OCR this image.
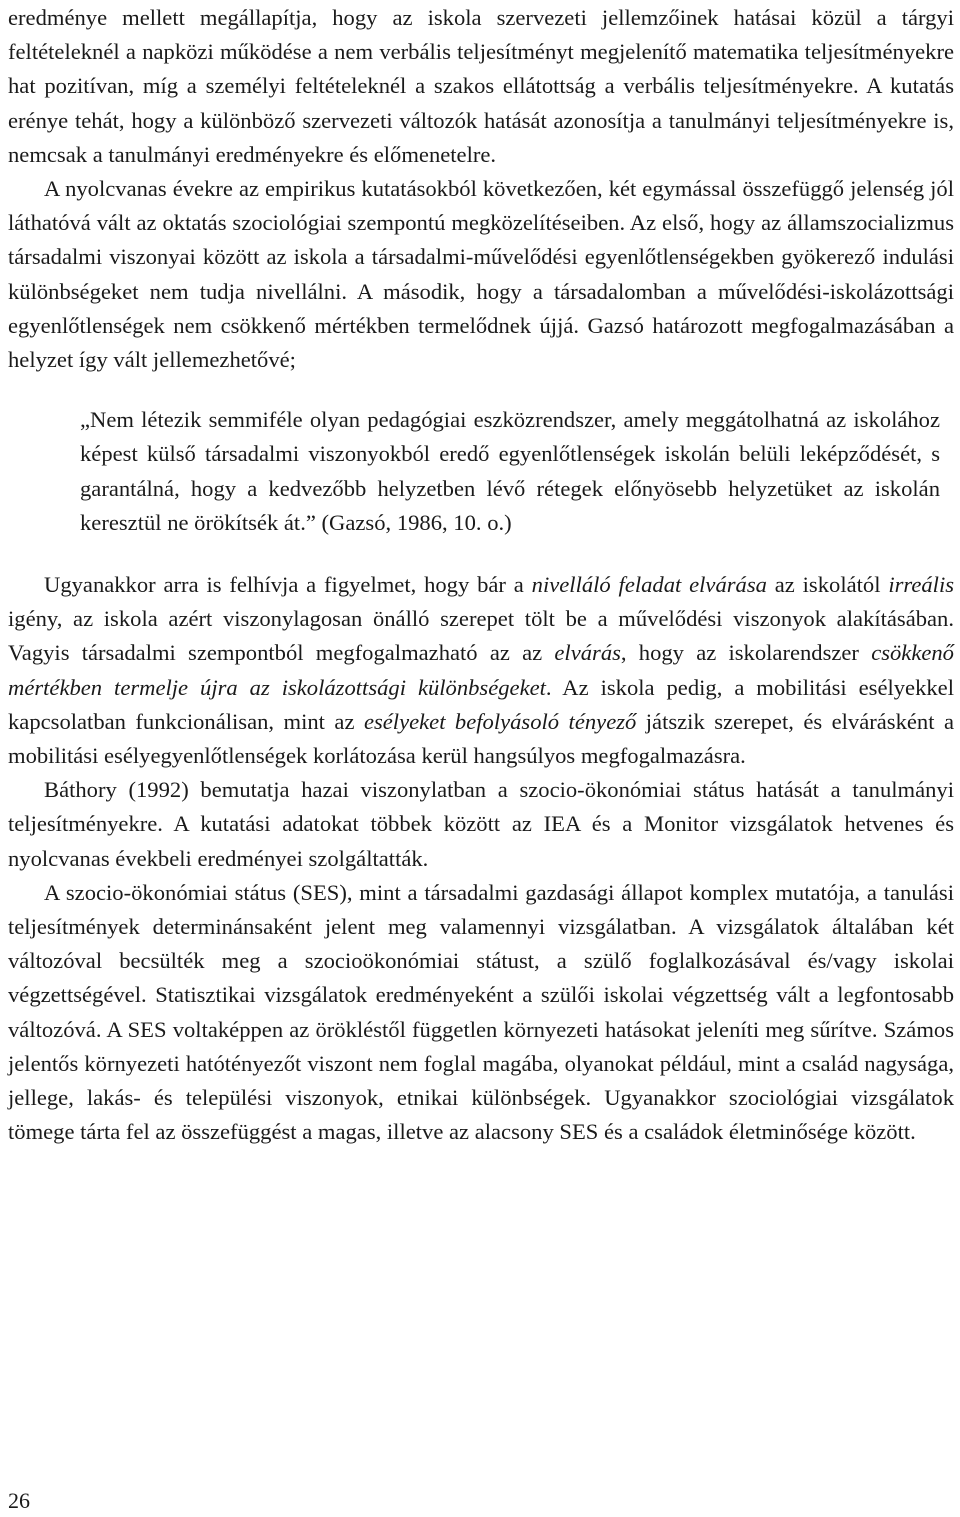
eredménye mellett megállapítja, hogy az iskola szervezeti jellemzőinek hatásai közül a tárgyi feltételeknél a napközi működése a nem verbális teljesítményt megjelenítő matematika teljesítményekre hat pozitívan, míg a személyi feltételeknél a szakos ellátottság a verbális teljesítményekre. A kutatás erénye tehát, hogy a különböző szervezeti változók hatását azonosítja a tanulmányi teljesítményekre is, nemcsak a tanulmányi eredményekre és előmenetelre.

A nyolcvanas évekre az empirikus kutatásokból következően, két egymással összefüggő jelenség jól láthatóvá vált az oktatás szociológiai szempontú megközelítéseiben. Az első, hogy az államszocializmus társadalmi viszonyai között az iskola a társadalmi-művelődési egyenlőtlenségekben gyökerező indulási különbségeket nem tudja nivellálni. A második, hogy a társadalomban a művelődési-iskolázottsági egyenlőtlenségek nem csökkenő mértékben termelődnek újjá. Gazsó határozott megfogalmazásában a helyzet így vált jellemezhetővé;

„Nem létezik semmiféle olyan pedagógiai eszközrendszer, amely meggátolhatná az iskolához képest külső társadalmi viszonyokból eredő egyenlőtlenségek iskolán belüli leképződését, s garantálná, hogy a kedvezőbb helyzetben lévő rétegek előnyösebb helyzetüket az iskolán keresztül ne örökítsék át.” (Gazsó, 1986, 10. o.)

Ugyanakkor arra is felhívja a figyelmet, hogy bár a nivelláló feladat elvárása az iskolától irreális igény, az iskola azért viszonylagosan önálló szerepet tölt be a művelődési viszonyok alakításában. Vagyis társadalmi szempontból megfogalmazható az az elvárás, hogy az iskolarendszer csökkenő mértékben termelje újra az iskolázottsági különbségeket. Az iskola pedig, a mobilitási esélyekkel kapcsolatban funkcionálisan, mint az esélyeket befolyásoló tényező játszik szerepet, és elvárásként a mobilitási esélyegyenlőtlenségek korlátozása kerül hangsúlyos megfogalmazásra.

Báthory (1992) bemutatja hazai viszonylatban a szocio-ökonómiai státus hatását a tanulmányi teljesítményekre. A kutatási adatokat többek között az IEA és a Monitor vizsgálatok hetvenes és nyolcvanas évekbeli eredményei szolgáltatták.

A szocio-ökonómiai státus (SES), mint a társadalmi gazdasági állapot komplex mutatója, a tanulási teljesítmények determinánsaként jelent meg valamennyi vizsgálatban. A vizsgálatok általában két változóval becsülték meg a szocioökonómiai státust, a szülő foglalkozásával és/vagy iskolai végzettségével. Statisztikai vizsgálatok eredményeként a szülői iskolai végzettség vált a legfontosabb változóvá. A SES voltaképpen az örökléstől független környezeti hatásokat jeleníti meg sűrítve. Számos jelentős környezeti hatótényezőt viszont nem foglal magába, olyanokat például, mint a család nagysága, jellege, lakás- és települési viszonyok, etnikai különbségek. Ugyanakkor szociológiai vizsgálatok tömege tárta fel az összefüggést a magas, illetve az alacsony SES és a családok életminősége között.

26
